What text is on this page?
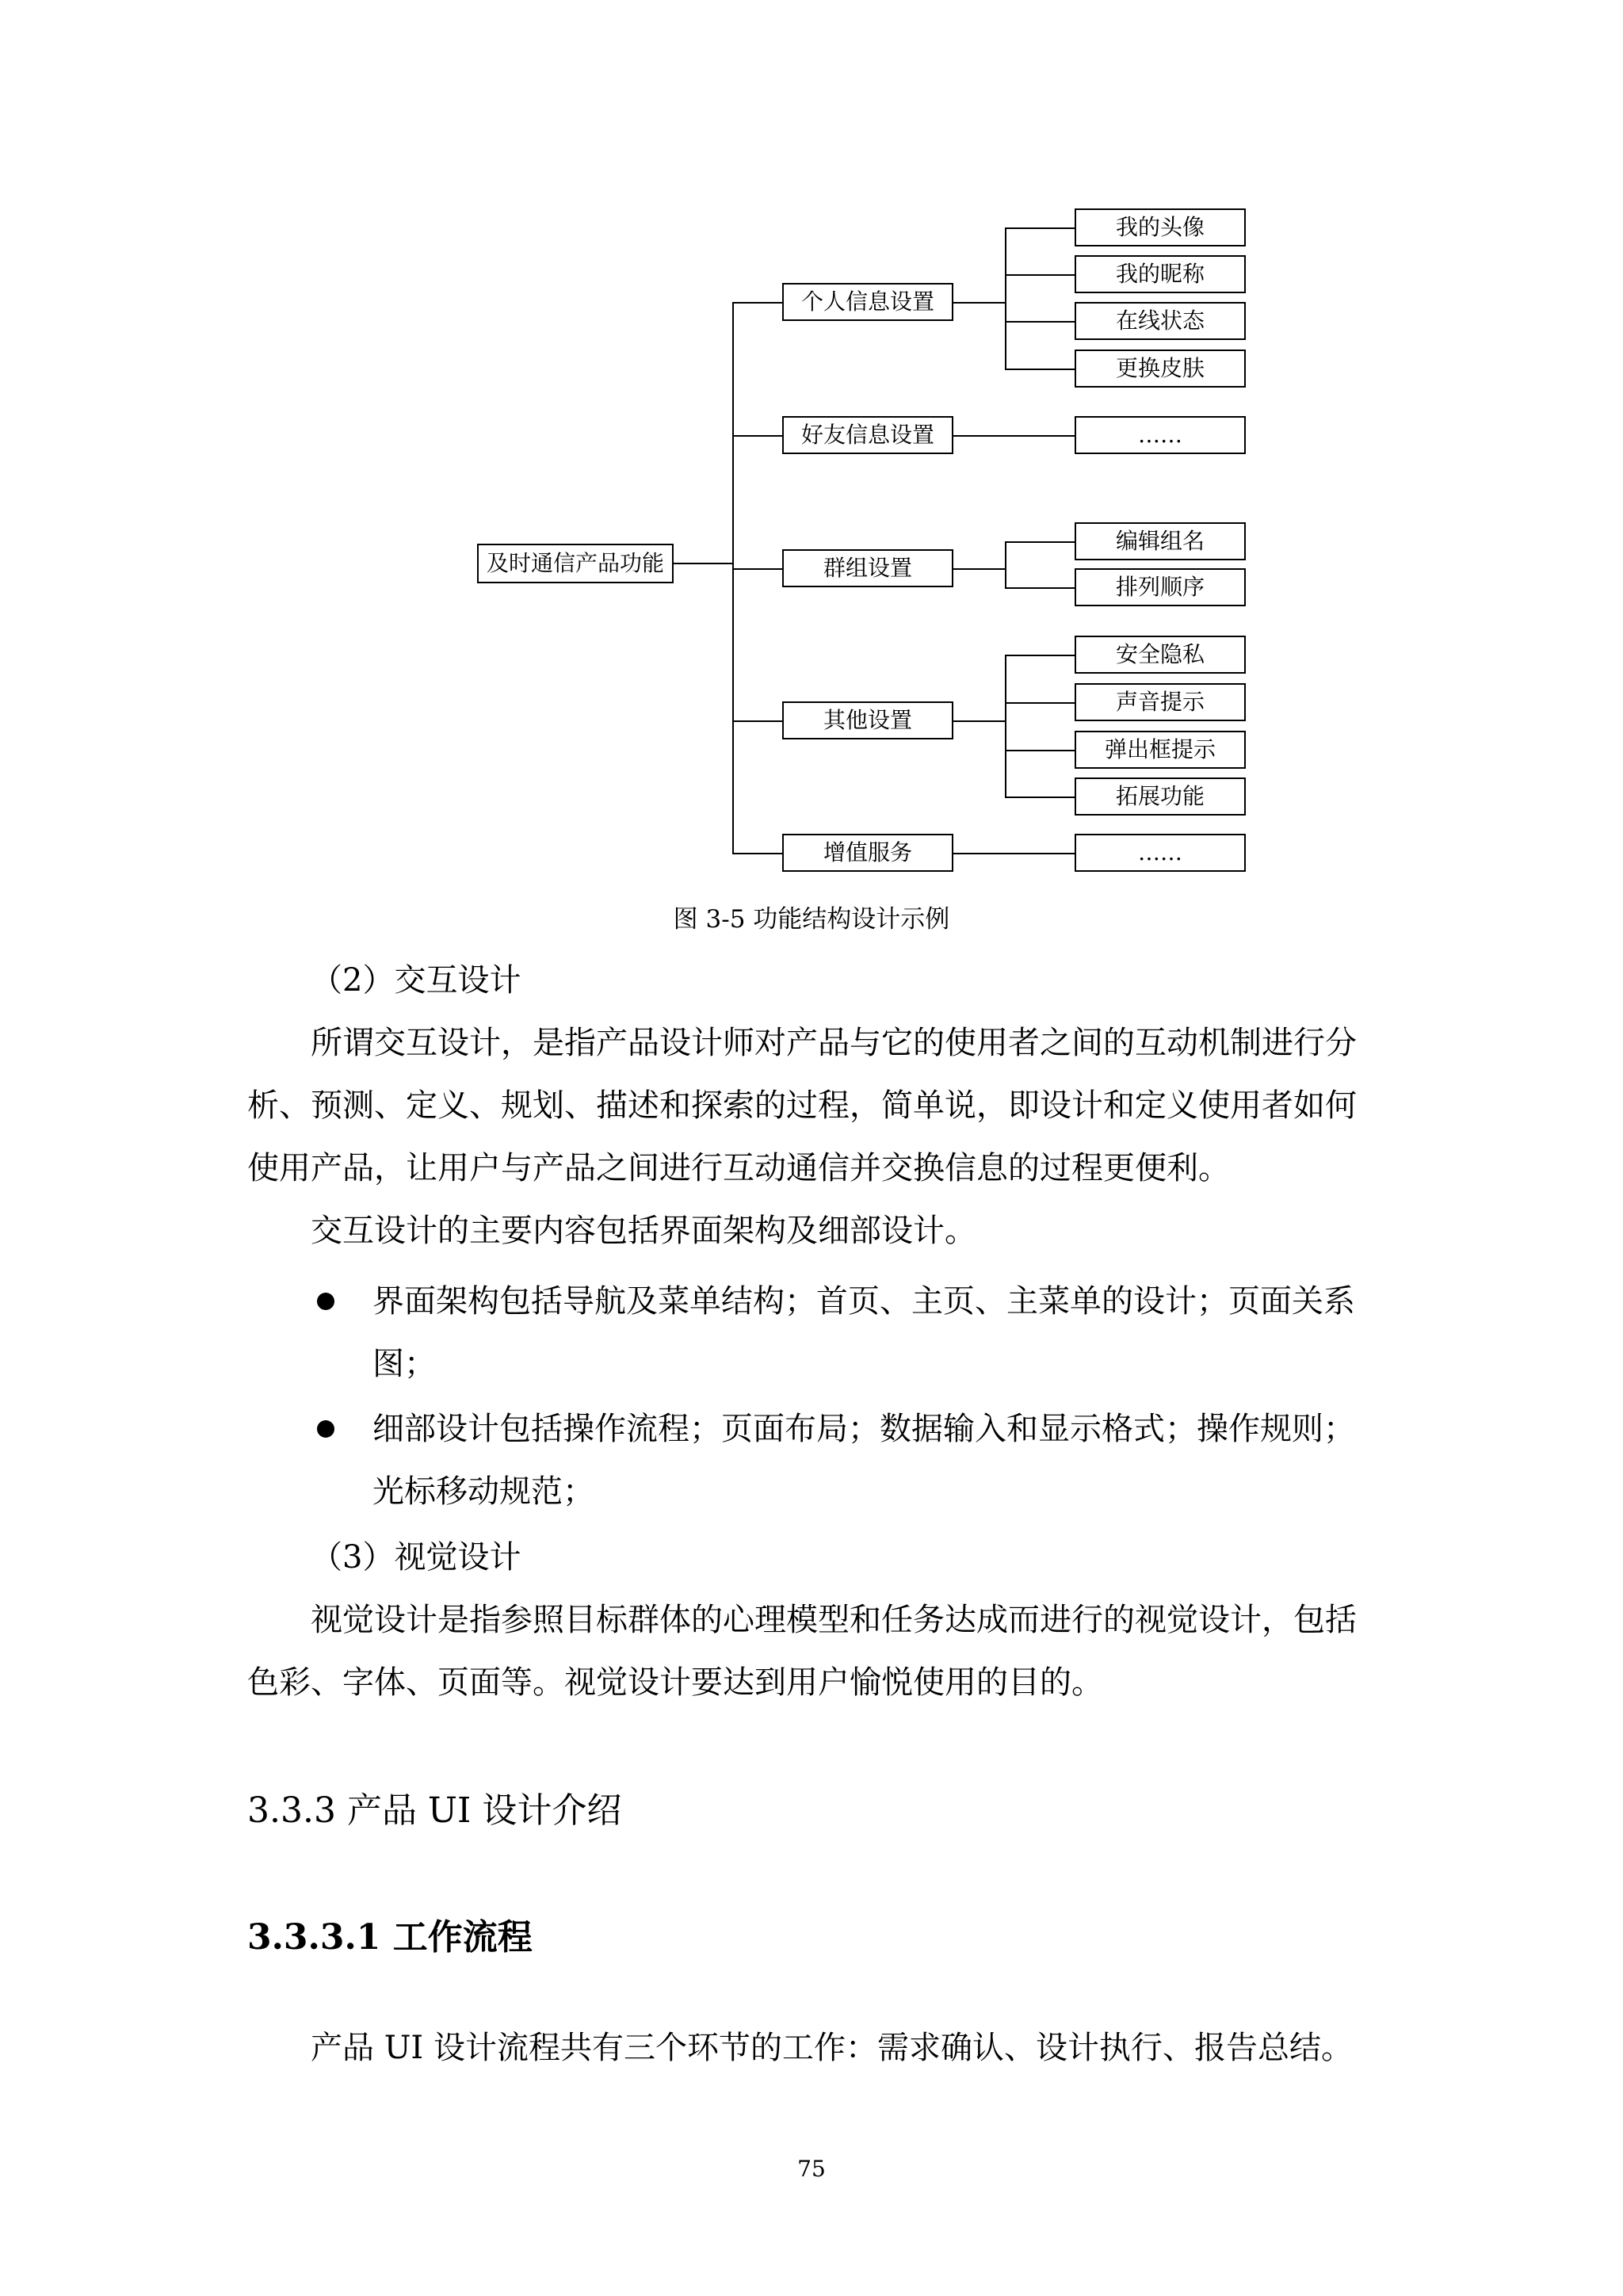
及时通信产品功能
个人信息设置
我的头像
我的昵称
在线状态
更换皮肤
好友信息设置	……
群组设置
编辑组名
排列顺序
其他设置
安全隐私
声音提示
弹出框提示
拓展功能
增值服务	……
图 3-5 功能结构设计示例
（2）交互设计
所谓交互设计，是指产品设计师对产品与它的使用者之间的互动机制进行分
析、预测、定义、规划、描述和探索的过程，简单说，即设计和定义使用者如何
使用产品，让用户与产品之间进行互动通信并交换信息的过程更便利。
交互设计的主要内容包括界面架构及细部设计。
界面架构包括导航及菜单结构；首页、主页、主菜单的设计；页面关系
图；
细部设计包括操作流程；页面布局；数据输入和显示格式；操作规则；
光标移动规范；
（3）视觉设计
视觉设计是指参照目标群体的心理模型和任务达成而进行的视觉设计，包括
色彩、字体、页面等。视觉设计要达到用户愉悦使用的目的。
3.3.3 产品 UI 设计介绍
3.3.3.1 工作流程
产品 UI 设计流程共有三个环节的工作：需求确认、设计执行、报告总结。
75
